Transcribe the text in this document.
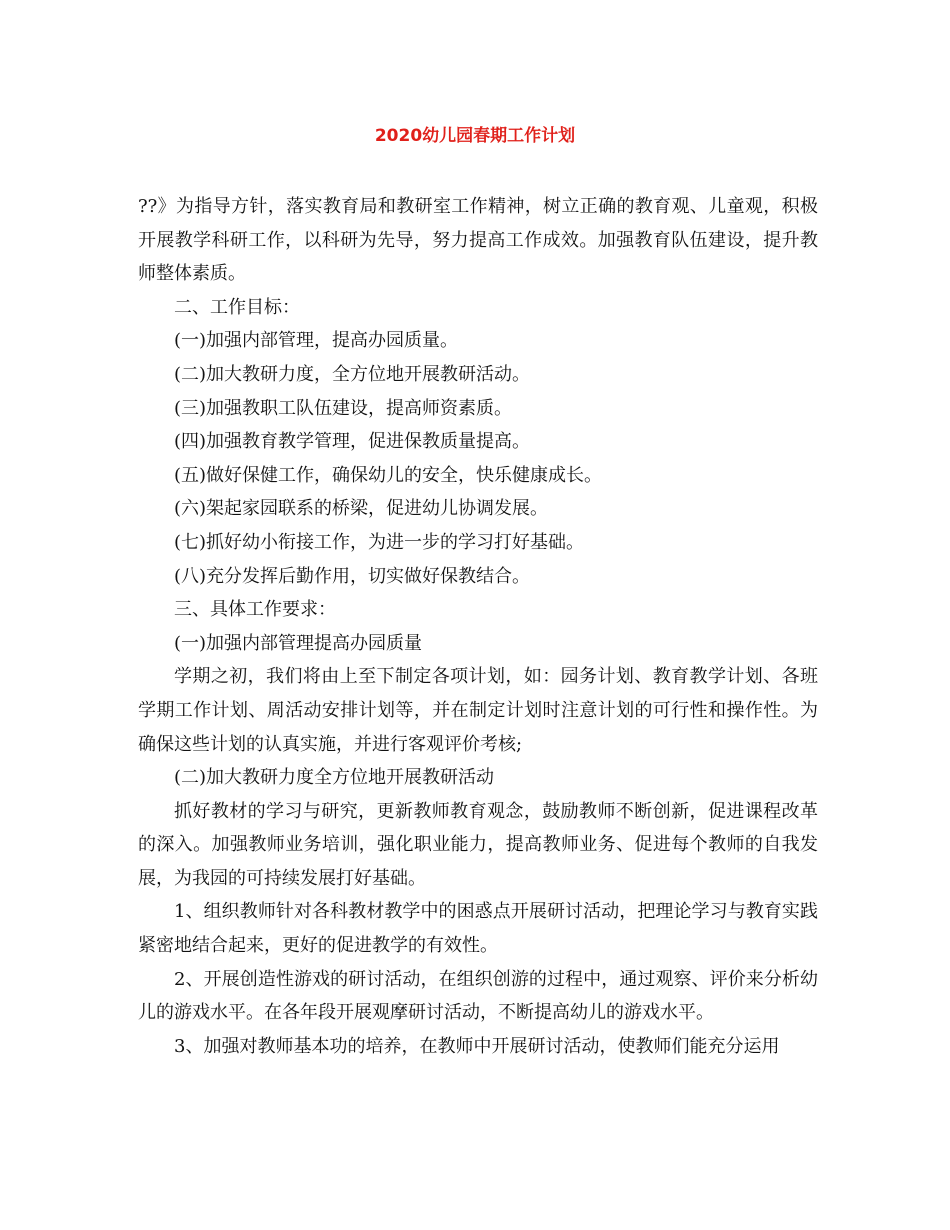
2020幼儿园春期工作计划

??》为指导方针，落实教育局和教研室工作精神，树立正确的教育观、儿童观，积极开展教学科研工作，以科研为先导，努力提高工作成效。加强教育队伍建设，提升教师整体素质。

二、工作目标：

(一)加强内部管理，提高办园质量。

(二)加大教研力度，全方位地开展教研活动。

(三)加强教职工队伍建设，提高师资素质。

(四)加强教育教学管理，促进保教质量提高。

(五)做好保健工作，确保幼儿的安全，快乐健康成长。

(六)架起家园联系的桥梁，促进幼儿协调发展。

(七)抓好幼小衔接工作，为进一步的学习打好基础。

(八)充分发挥后勤作用，切实做好保教结合。

三、具体工作要求：

(一)加强内部管理提高办园质量

学期之初，我们将由上至下制定各项计划，如：园务计划、教育教学计划、各班学期工作计划、周活动安排计划等，并在制定计划时注意计划的可行性和操作性。为确保这些计划的认真实施，并进行客观评价考核;

(二)加大教研力度全方位地开展教研活动

抓好教材的学习与研究，更新教师教育观念，鼓励教师不断创新，促进课程改革的深入。加强教师业务培训，强化职业能力，提高教师业务、促进每个教师的自我发展，为我园的可持续发展打好基础。

1、组织教师针对各科教材教学中的困惑点开展研讨活动，把理论学习与教育实践紧密地结合起来，更好的促进教学的有效性。

2、开展创造性游戏的研讨活动，在组织创游的过程中，通过观察、评价来分析幼儿的游戏水平。在各年段开展观摩研讨活动，不断提高幼儿的游戏水平。

3、加强对教师基本功的培养，在教师中开展研讨活动，使教师们能充分运用
